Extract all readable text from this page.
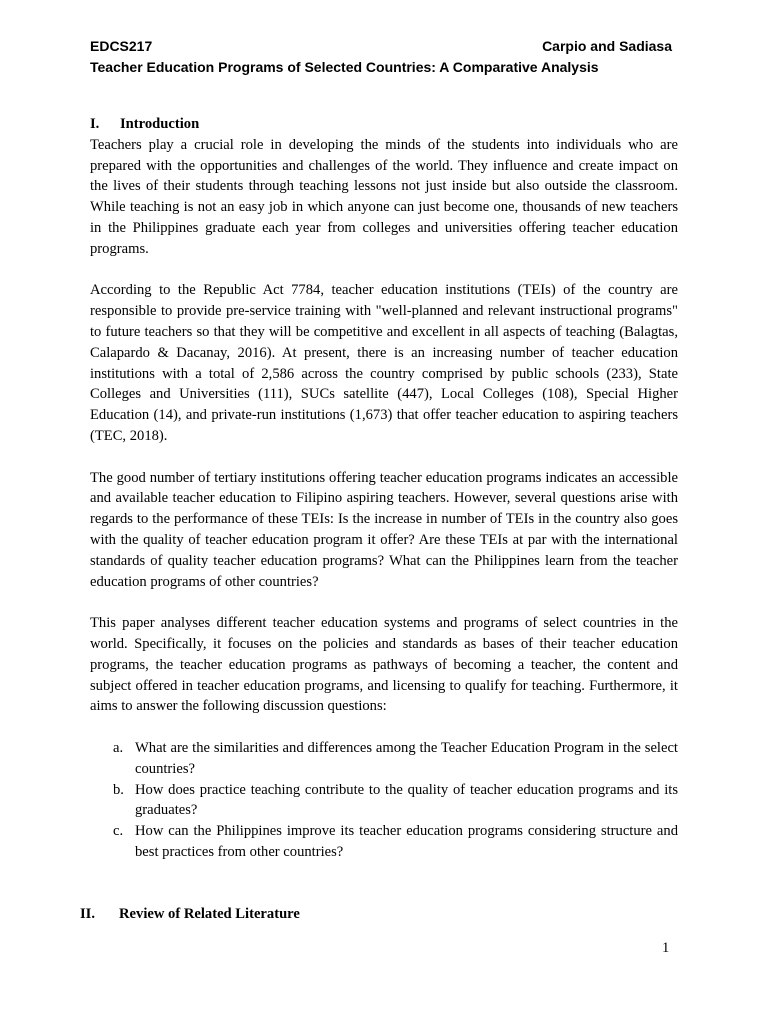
EDCS217	Carpio and Sadiasa
Teacher Education Programs of Selected Countries: A Comparative Analysis
I.	Introduction

Teachers play a crucial role in developing the minds of the students into individuals who are prepared with the opportunities and challenges of the world. They influence and create impact on the lives of their students through teaching lessons not just inside but also outside the classroom. While teaching is not an easy job in which anyone can just become one, thousands of new teachers in the Philippines graduate each year from colleges and universities offering teacher education programs.

According to the Republic Act 7784, teacher education institutions (TEIs) of the country are responsible to provide pre-service training with "well-planned and relevant instructional programs" to future teachers so that they will be competitive and excellent in all aspects of teaching (Balagtas, Calapardo & Dacanay, 2016). At present, there is an increasing number of teacher education institutions with a total of 2,586 across the country comprised by public schools (233), State Colleges and Universities (111), SUCs satellite (447), Local Colleges (108), Special Higher Education (14), and private-run institutions (1,673) that offer teacher education to aspiring teachers (TEC, 2018).

The good number of tertiary institutions offering teacher education programs indicates an accessible and available teacher education to Filipino aspiring teachers. However, several questions arise with regards to the performance of these TEIs: Is the increase in number of TEIs in the country also goes with the quality of teacher education program it offer? Are these TEIs at par with the international standards of quality teacher education programs? What can the Philippines learn from the teacher education programs of other countries?

This paper analyses different teacher education systems and programs of select countries in the world. Specifically, it focuses on the policies and standards as bases of their teacher education programs, the teacher education programs as pathways of becoming a teacher, the content and subject offered in teacher education programs, and licensing to qualify for teaching. Furthermore, it aims to answer the following discussion questions:

a. What are the similarities and differences among the Teacher Education Program in the select countries?
b. How does practice teaching contribute to the quality of teacher education programs and its graduates?
c. How can the Philippines improve its teacher education programs considering structure and best practices from other countries?
II.	Review of Related Literature
1
